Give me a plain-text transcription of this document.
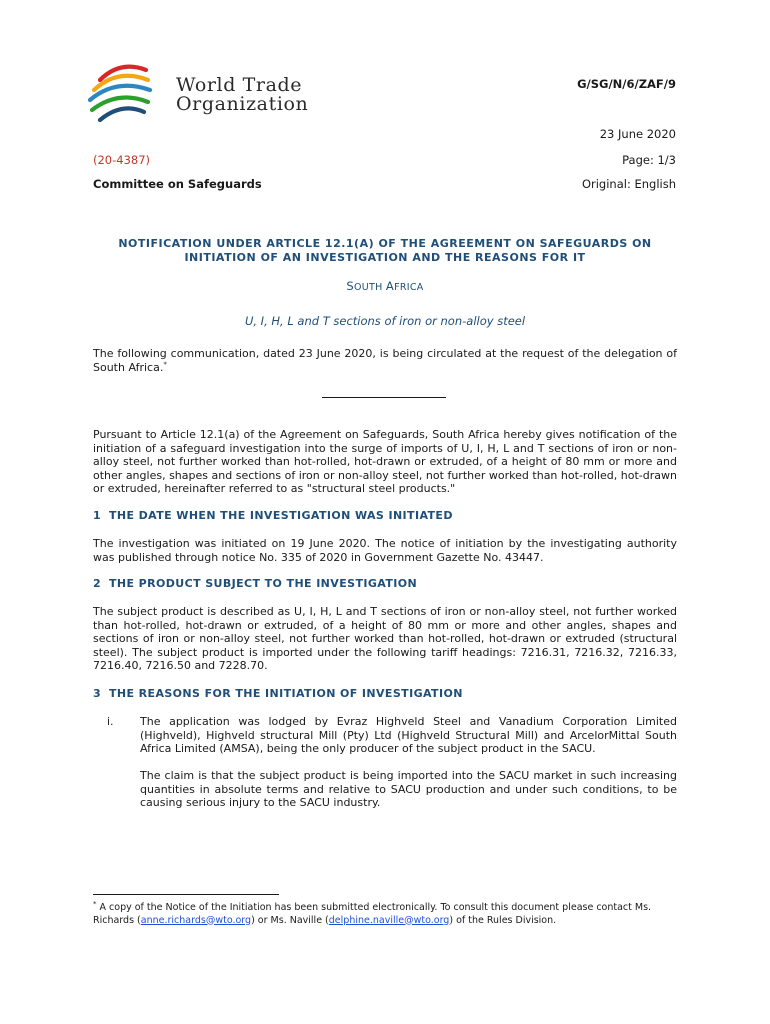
World Trade
Organization
G/SG/N/6/ZAF/9
23 June 2020
(20-4387)	Page: 1/3
Committee on Safeguards	Original: English
NOTIFICATION UNDER ARTICLE 12.1(A) OF THE AGREEMENT ON SAFEGUARDS ON
INITIATION OF AN INVESTIGATION AND THE REASONS FOR IT
SOUTH AFRICA
U, I, H, L and T sections of iron or non-alloy steel
The following communication, dated 23 June 2020, is being circulated at the request of the delegation of South Africa.*
Pursuant to Article 12.1(a) of the Agreement on Safeguards, South Africa hereby gives notification of the initiation of a safeguard investigation into the surge of imports of U, I, H, L and T sections of iron or non-alloy steel, not further worked than hot-rolled, hot-drawn or extruded, of a height of 80 mm or more and other angles, shapes and sections of iron or non-alloy steel, not further worked than hot-rolled, hot-drawn or extruded, hereinafter referred to as "structural steel products."
1 THE DATE WHEN THE INVESTIGATION WAS INITIATED
The investigation was initiated on 19 June 2020. The notice of initiation by the investigating authority was published through notice No. 335 of 2020 in Government Gazette No. 43447.
2 THE PRODUCT SUBJECT TO THE INVESTIGATION
The subject product is described as U, I, H, L and T sections of iron or non-alloy steel, not further worked than hot-rolled, hot-drawn or extruded, of a height of 80 mm or more and other angles, shapes and sections of iron or non-alloy steel, not further worked than hot-rolled, hot-drawn or extruded (structural steel). The subject product is imported under the following tariff headings: 7216.31, 7216.32, 7216.33, 7216.40, 7216.50 and 7228.70.
3 THE REASONS FOR THE INITIATION OF INVESTIGATION
i. The application was lodged by Evraz Highveld Steel and Vanadium Corporation Limited (Highveld), Highveld structural Mill (Pty) Ltd (Highveld Structural Mill) and ArcelorMittal South Africa Limited (AMSA), being the only producer of the subject product in the SACU.
The claim is that the subject product is being imported into the SACU market in such increasing quantities in absolute terms and relative to SACU production and under such conditions, to be causing serious injury to the SACU industry.
* A copy of the Notice of the Initiation has been submitted electronically. To consult this document please contact Ms. Richards (anne.richards@wto.org) or Ms. Naville (delphine.naville@wto.org) of the Rules Division.
